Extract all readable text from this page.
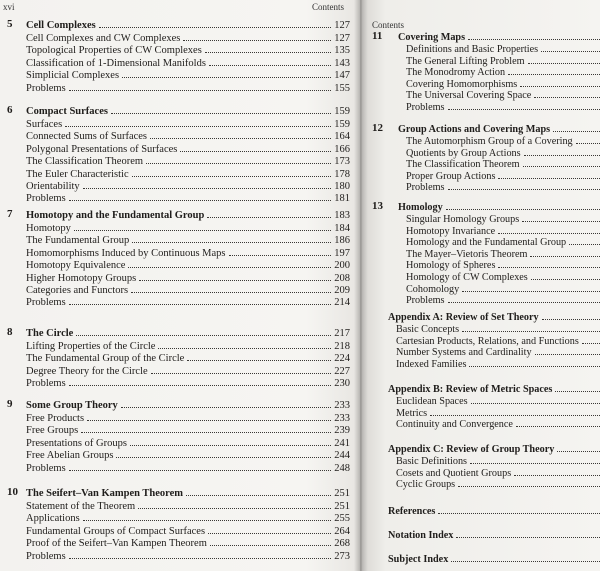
xvi	Contents
5 Cell Complexes	127
Cell Complexes and CW Complexes	127
Topological Properties of CW Complexes	135
Classification of 1-Dimensional Manifolds	143
Simplicial Complexes	147
Problems	155
6 Compact Surfaces	159
Surfaces	159
Connected Sums of Surfaces	164
Polygonal Presentations of Surfaces	166
The Classification Theorem	173
The Euler Characteristic	178
Orientability	180
Problems	181
7 Homotopy and the Fundamental Group	183
Homotopy	184
The Fundamental Group	186
Homomorphisms Induced by Continuous Maps	197
Homotopy Equivalence	200
Higher Homotopy Groups	208
Categories and Functors	209
Problems	214
8 The Circle	217
Lifting Properties of the Circle	218
The Fundamental Group of the Circle	224
Degree Theory for the Circle	227
Problems	230
9 Some Group Theory	233
Free Products	233
Free Groups	239
Presentations of Groups	241
Free Abelian Groups	244
Problems	248
10 The Seifert–Van Kampen Theorem	251
Statement of the Theorem	251
Applications	255
Fundamental Groups of Compact Surfaces	264
Proof of the Seifert–Van Kampen Theorem	268
Problems	273
Contents
11 Covering Maps
Definitions and Basic Properties
The General Lifting Problem
The Monodromy Action
Covering Homomorphisms
The Universal Covering Space
Problems
12 Group Actions and Covering Maps
The Automorphism Group of a Covering
Quotients by Group Actions
The Classification Theorem
Proper Group Actions
Problems
13 Homology
Singular Homology Groups
Homotopy Invariance
Homology and the Fundamental Group
The Mayer–Vietoris Theorem
Homology of Spheres
Homology of CW Complexes
Cohomology
Problems
Appendix A: Review of Set Theory
Basic Concepts
Cartesian Products, Relations, and Functions
Number Systems and Cardinality
Indexed Families
Appendix B: Review of Metric Spaces
Euclidean Spaces
Metrics
Continuity and Convergence
Appendix C: Review of Group Theory
Basic Definitions
Cosets and Quotient Groups
Cyclic Groups
References
Notation Index
Subject Index
